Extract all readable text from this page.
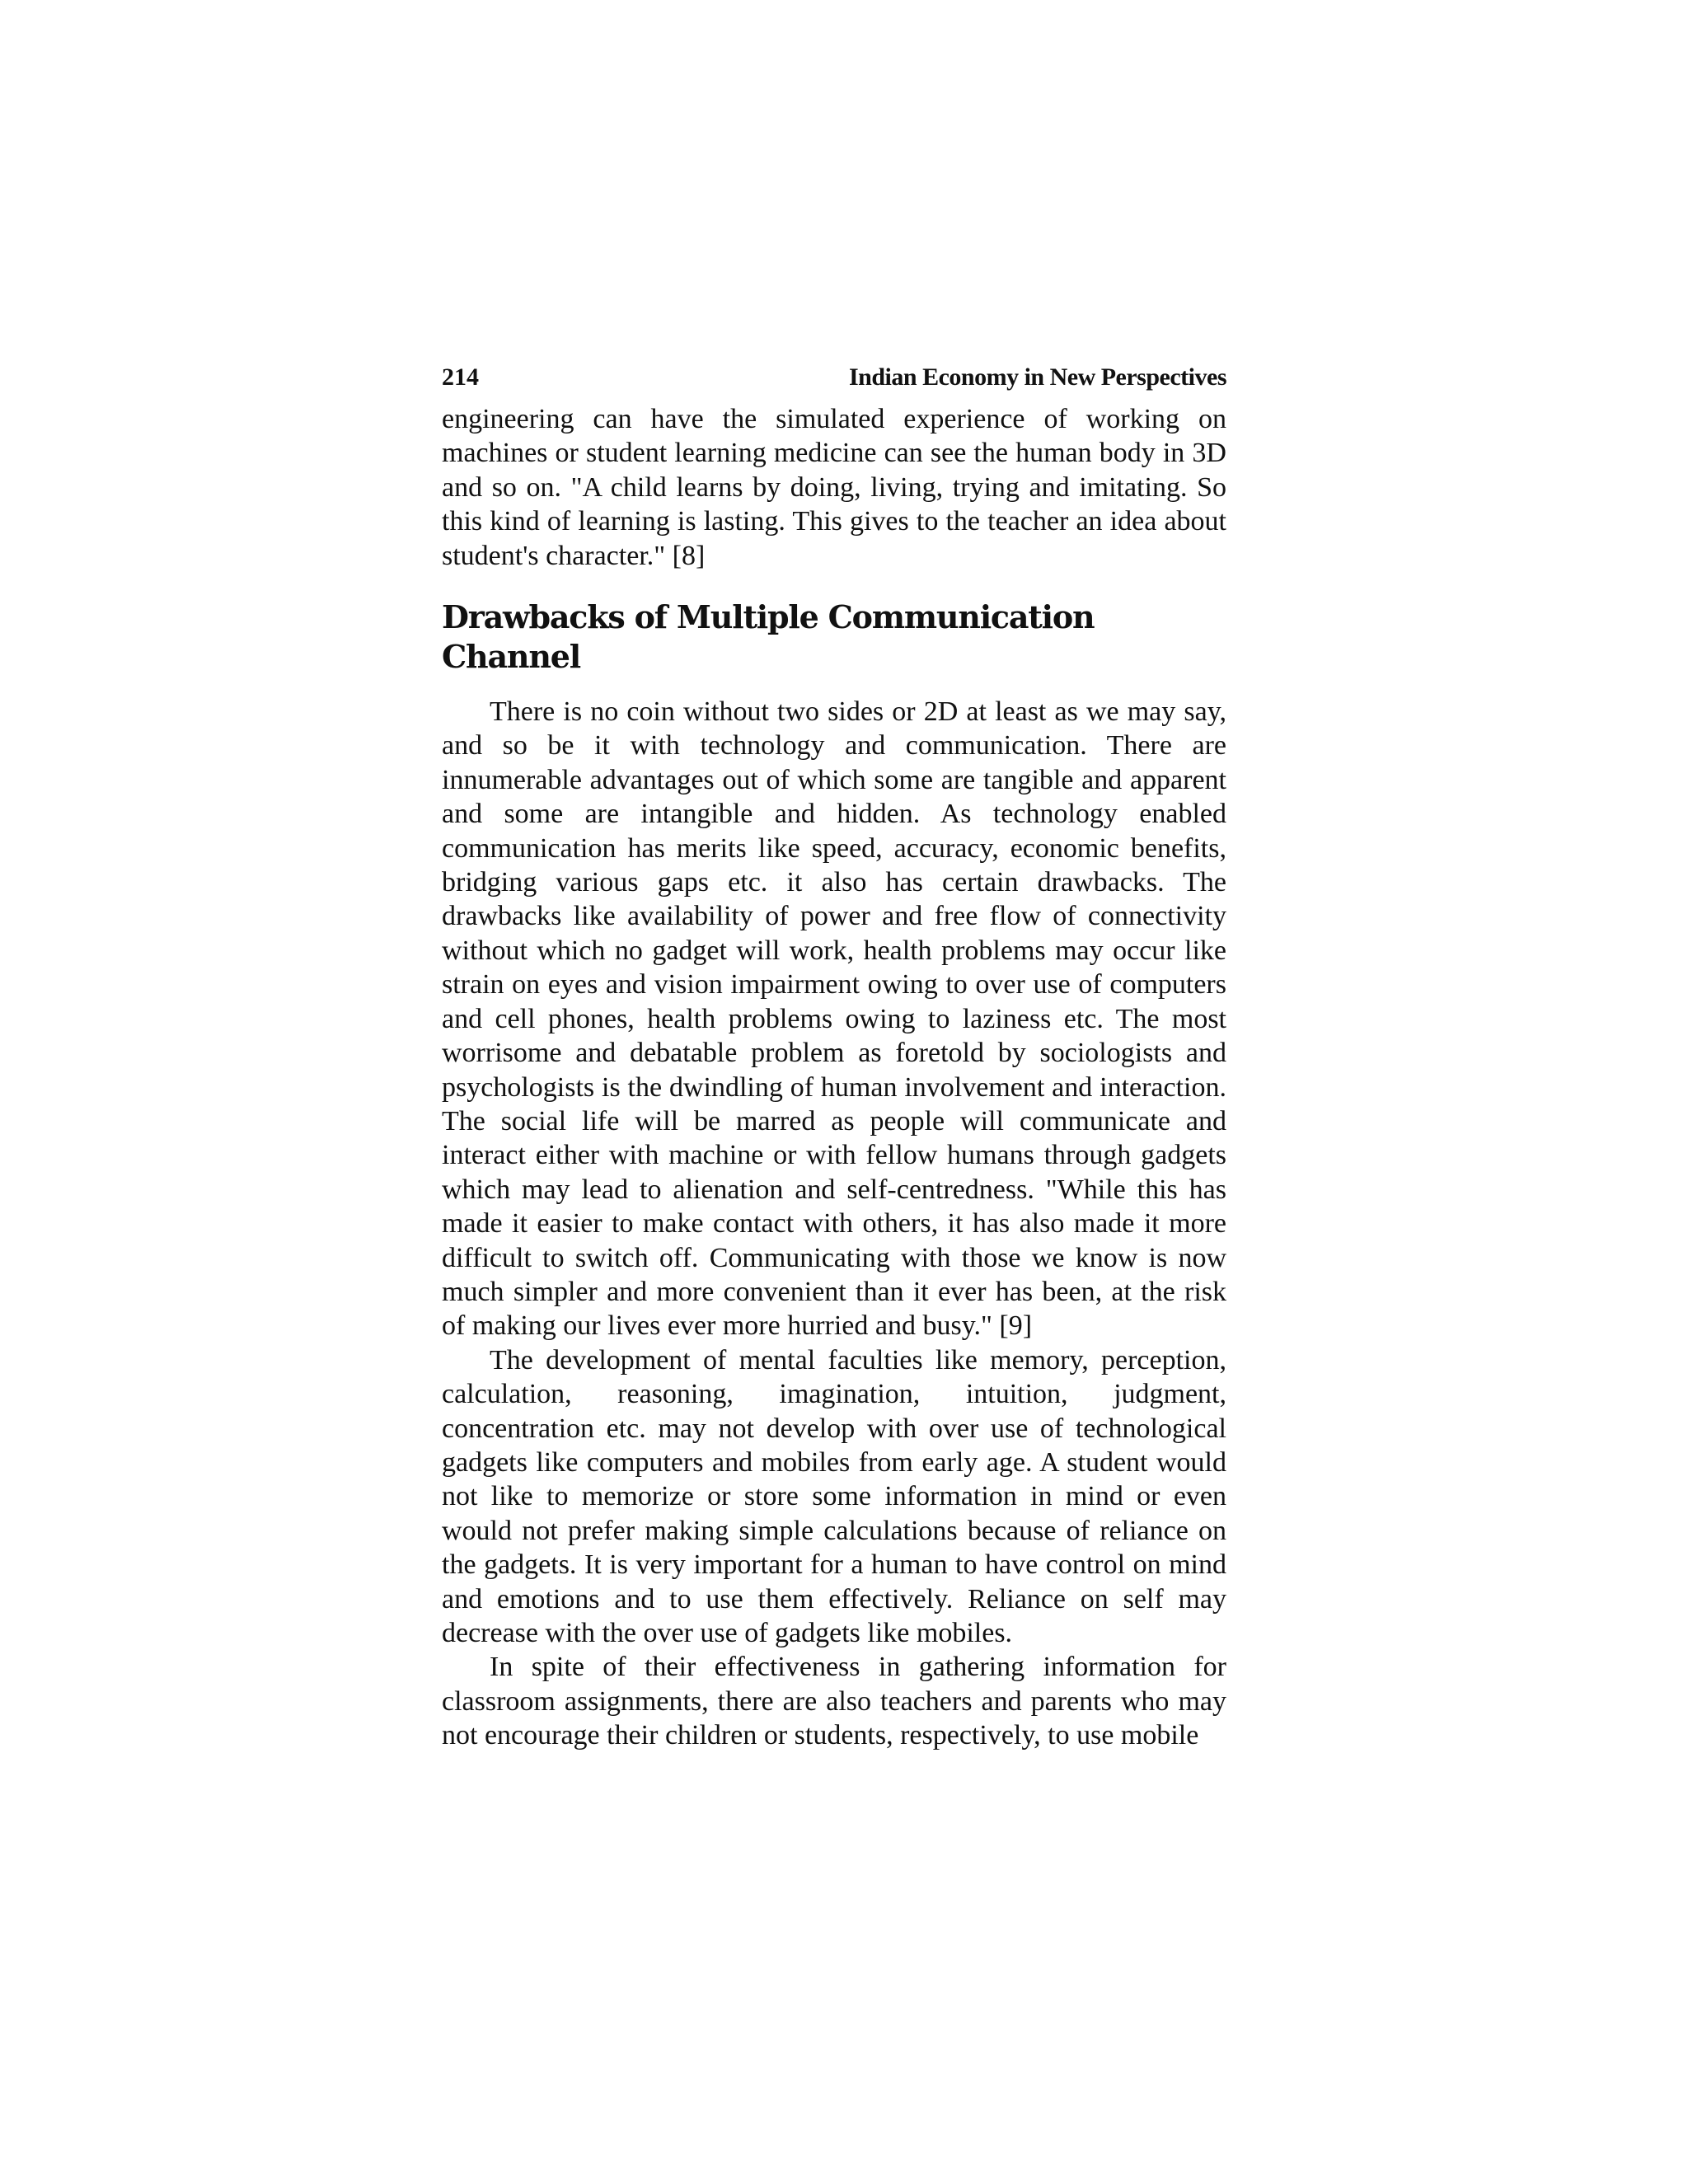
214	Indian Economy in New Perspectives

engineering can have the simulated experience of working on machines or student learning medicine can see the human body in 3D and so on. "A child learns by doing, living, trying and imitating. So this kind of learning is lasting. This gives to the teacher an idea about student's character." [8]

Drawbacks of Multiple Communication Channel

There is no coin without two sides or 2D at least as we may say, and so be it with technology and communication. There are innumerable advantages out of which some are tangible and apparent and some are intangible and hidden. As technology enabled communication has merits like speed, accuracy, economic benefits, bridging various gaps etc. it also has certain drawbacks. The drawbacks like availability of power and free flow of connectivity without which no gadget will work, health problems may occur like strain on eyes and vision impairment owing to over use of computers and cell phones, health problems owing to laziness etc. The most worrisome and debatable problem as foretold by sociologists and psychologists is the dwindling of human involvement and interaction. The social life will be marred as people will communicate and interact either with machine or with fellow humans through gadgets which may lead to alienation and self-centredness. "While this has made it easier to make contact with others, it has also made it more difficult to switch off. Communicating with those we know is now much simpler and more convenient than it ever has been, at the risk of making our lives ever more hurried and busy." [9]

The development of mental faculties like memory, perception, calculation, reasoning, imagination, intuition, judgment, concentration etc. may not develop with over use of technological gadgets like computers and mobiles from early age. A student would not like to memorize or store some information in mind or even would not prefer making simple calculations because of reliance on the gadgets. It is very important for a human to have control on mind and emotions and to use them effectively. Reliance on self may decrease with the over use of gadgets like mobiles.

In spite of their effectiveness in gathering information for classroom assignments, there are also teachers and parents who may not encourage their children or students, respectively, to use mobile
